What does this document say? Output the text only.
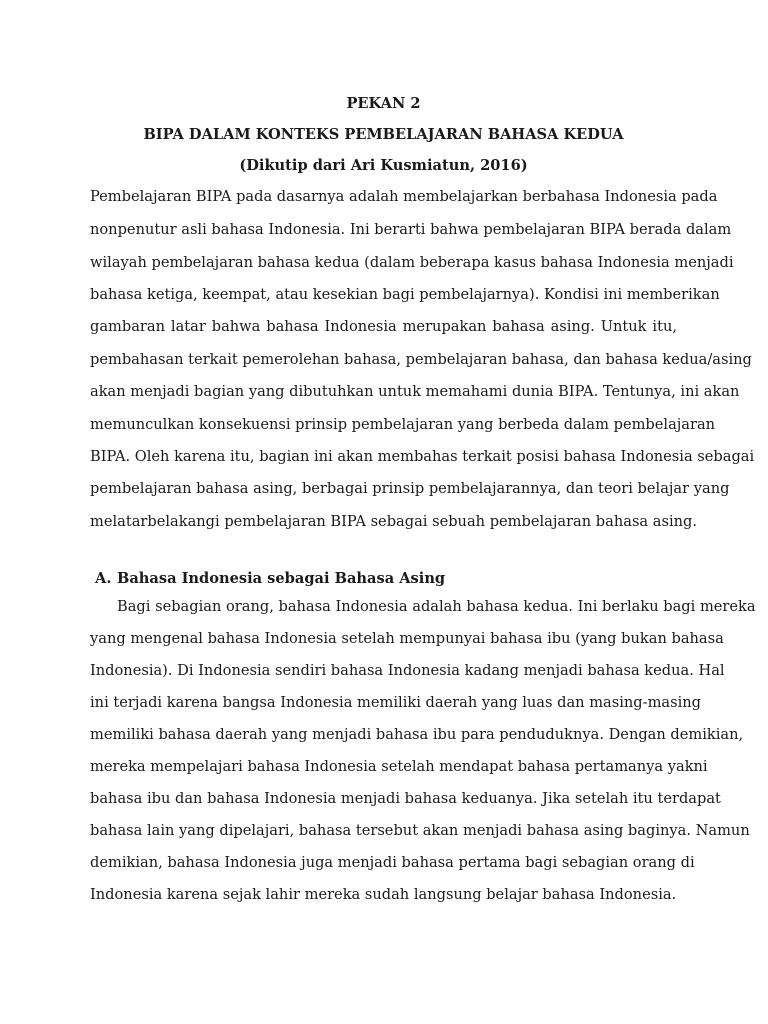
PEKAN 2
BIPA DALAM KONTEKS PEMBELAJARAN BAHASA KEDUA
(Dikutip dari Ari Kusmiatun, 2016)
Pembelajaran BIPA pada dasarnya adalah membelajarkan berbahasa Indonesia pada
nonpenutur asli bahasa Indonesia. Ini berarti bahwa pembelajaran BIPA berada dalam
wilayah pembelajaran bahasa kedua (dalam beberapa kasus bahasa Indonesia menjadi
bahasa ketiga, keempat, atau kesekian bagi pembelajarnya). Kondisi ini memberikan
gambaran latar bahwa bahasa Indonesia merupakan bahasa asing. Untuk itu,
pembahasan terkait pemerolehan bahasa, pembelajaran bahasa, dan bahasa kedua/asing
akan menjadi bagian yang dibutuhkan untuk memahami dunia BIPA. Tentunya, ini akan
memunculkan konsekuensi prinsip pembelajaran yang berbeda dalam pembelajaran
BIPA. Oleh karena itu, bagian ini akan membahas terkait posisi bahasa Indonesia sebagai
pembelajaran bahasa asing, berbagai prinsip pembelajarannya, dan teori belajar yang
melatarbelakangi pembelajaran BIPA sebagai sebuah pembelajaran bahasa asing.
A. Bahasa Indonesia sebagai Bahasa Asing
Bagi sebagian orang, bahasa Indonesia adalah bahasa kedua. Ini berlaku bagi mereka
yang mengenal bahasa Indonesia setelah mempunyai bahasa ibu (yang bukan bahasa
Indonesia). Di Indonesia sendiri bahasa Indonesia kadang menjadi bahasa kedua. Hal
ini terjadi karena bangsa Indonesia memiliki daerah yang luas dan masing-masing
memiliki bahasa daerah yang menjadi bahasa ibu para penduduknya. Dengan demikian,
mereka mempelajari bahasa Indonesia setelah mendapat bahasa pertamanya yakni
bahasa ibu dan bahasa Indonesia menjadi bahasa keduanya. Jika setelah itu terdapat
bahasa lain yang dipelajari, bahasa tersebut akan menjadi bahasa asing baginya. Namun
demikian, bahasa Indonesia juga menjadi bahasa pertama bagi sebagian orang di
Indonesia karena sejak lahir mereka sudah langsung belajar bahasa Indonesia.
